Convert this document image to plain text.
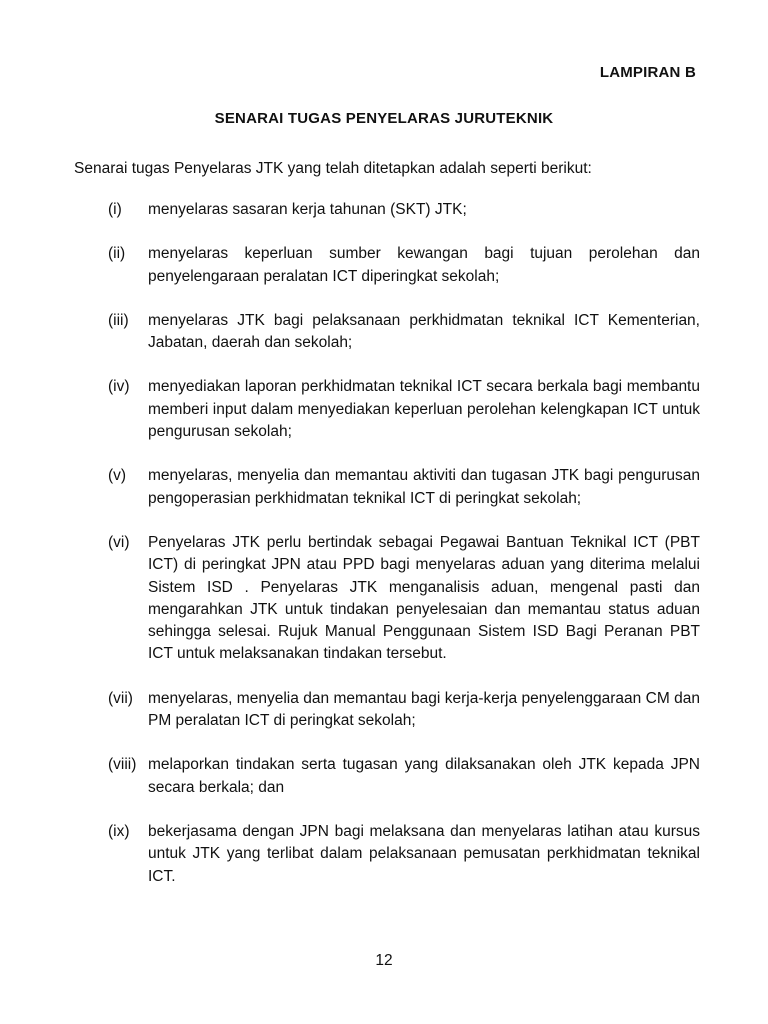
LAMPIRAN B
SENARAI TUGAS PENYELARAS JURUTEKNIK
Senarai tugas Penyelaras JTK yang telah ditetapkan adalah seperti berikut:
(i)	menyelaras sasaran kerja tahunan (SKT) JTK;
(ii)	menyelaras keperluan sumber kewangan bagi tujuan perolehan dan penyelengaraan peralatan ICT diperingkat sekolah;
(iii)	menyelaras JTK bagi pelaksanaan perkhidmatan teknikal ICT Kementerian, Jabatan, daerah dan sekolah;
(iv)	menyediakan laporan perkhidmatan teknikal ICT secara berkala bagi membantu memberi input dalam menyediakan keperluan perolehan kelengkapan ICT untuk pengurusan sekolah;
(v)	menyelaras, menyelia dan memantau aktiviti dan tugasan JTK bagi pengurusan pengoperasian perkhidmatan teknikal ICT di peringkat sekolah;
(vi)	Penyelaras JTK perlu bertindak sebagai Pegawai Bantuan Teknikal ICT (PBT ICT) di peringkat JPN atau PPD bagi menyelaras aduan yang diterima melalui Sistem ISD . Penyelaras JTK menganalisis aduan, mengenal pasti dan mengarahkan JTK untuk tindakan penyelesaian dan memantau status aduan sehingga selesai. Rujuk Manual Penggunaan Sistem ISD Bagi Peranan PBT ICT untuk melaksanakan tindakan tersebut.
(vii) menyelaras, menyelia dan memantau bagi kerja-kerja penyelenggaraan CM dan PM peralatan ICT di peringkat sekolah;
(viii) melaporkan tindakan serta tugasan yang dilaksanakan oleh JTK kepada JPN secara berkala; dan
(ix)	bekerjasama dengan JPN bagi melaksana dan menyelaras latihan atau kursus untuk JTK yang terlibat dalam pelaksanaan pemusatan perkhidmatan teknikal ICT.
12
